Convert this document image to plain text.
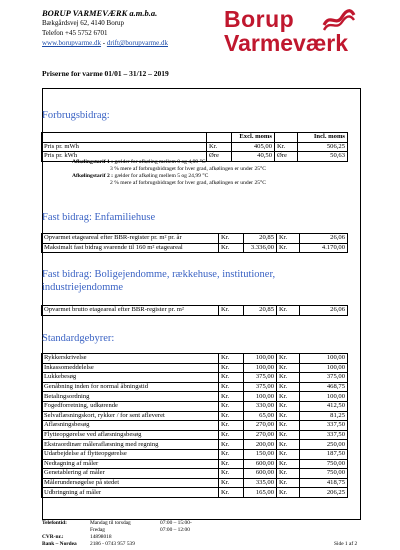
BORUP VARMEVÆRK a.m.b.a.
Bækgårdsvej 62, 4140 Borup
Telefon +45 5752 6701
www.borupvarme.dk - drift@borupvarme.dk
Borup
Varmeværk
Priserne for varme 01/01 – 31/12 – 2019
Forbrugsbidrag:
		Excl. moms		Incl. moms
Pris pr. mWh	Kr.	405,00	Kr.	506,25
Pris pr. kWh	Øre	40,50	Øre	50,63
Afkølingstarif 1 : gælder for afkøling mellem 0 og 4,99 °C
3 % mere af forbrugsbidraget for hver grad, afkølingen er under 25°C
Afkølingstarif 2 : gælder for afkøling mellem 5 og 24,99 °C
2 % mere af forbrugsbidraget for hver grad, afkølingen er under 25°C
Fast bidrag: Enfamiliehuse
Opvarmet etageareal efter BBR-register pr. m² pr. år	Kr.	20,85	Kr.	26,06
Maksimalt fast bidrag svarende til 160 m² etageareal	Kr.	3.336,00	Kr.	4.170,00
Fast bidrag: Boligejendomme, rækkehuse, institutioner,
industriejendomme
Opvarmet brutto etageareal efter BBR-register pr. m²	Kr.	20,85	Kr.	26,06
Standardgebyrer:
Rykkerskrivelse	Kr.	100,00	Kr.	100,00
Inkassomeddelelse	Kr.	100,00	Kr.	100,00
Lukkebesøg	Kr.	375,00	Kr.	375,00
Genåbning inden for normal åbningstid	Kr.	375,00	Kr.	468,75
Betalingsordning	Kr.	100,00	Kr.	100,00
Fogedforretning, udkørende	Kr.	330,00	Kr.	412,50
Selvaflæsningskort, rykker / for sent afleveret	Kr.	65,00	Kr.	81,25
Aflæsningsbesøg	Kr.	270,00	Kr.	337,50
Flytteopgørelse ved aflæsningsbesøg	Kr.	270,00	Kr.	337,50
Ekstraordinær måleraflæsning med regning	Kr.	200,00	Kr.	250,00
Udarbejdelse af flytteopgørelse	Kr.	150,00	Kr.	187,50
Nedtagning af måler	Kr.	600,00	Kr.	750,00
Genetablering af måler	Kr.	600,00	Kr.	750,00
Målerundersøgelse på stedet	Kr.	335,00	Kr.	418,75
Udbringning af måler	Kr.	165,00	Kr.	206,25
Telefontid:	Mandag til torsdag	07:00 – 15:00-
Fredag	07:00 – 12:00
CVR-nr.:	14898018
Bank – Nordea 2186 - 0743 957 539	Side 1 af 2
